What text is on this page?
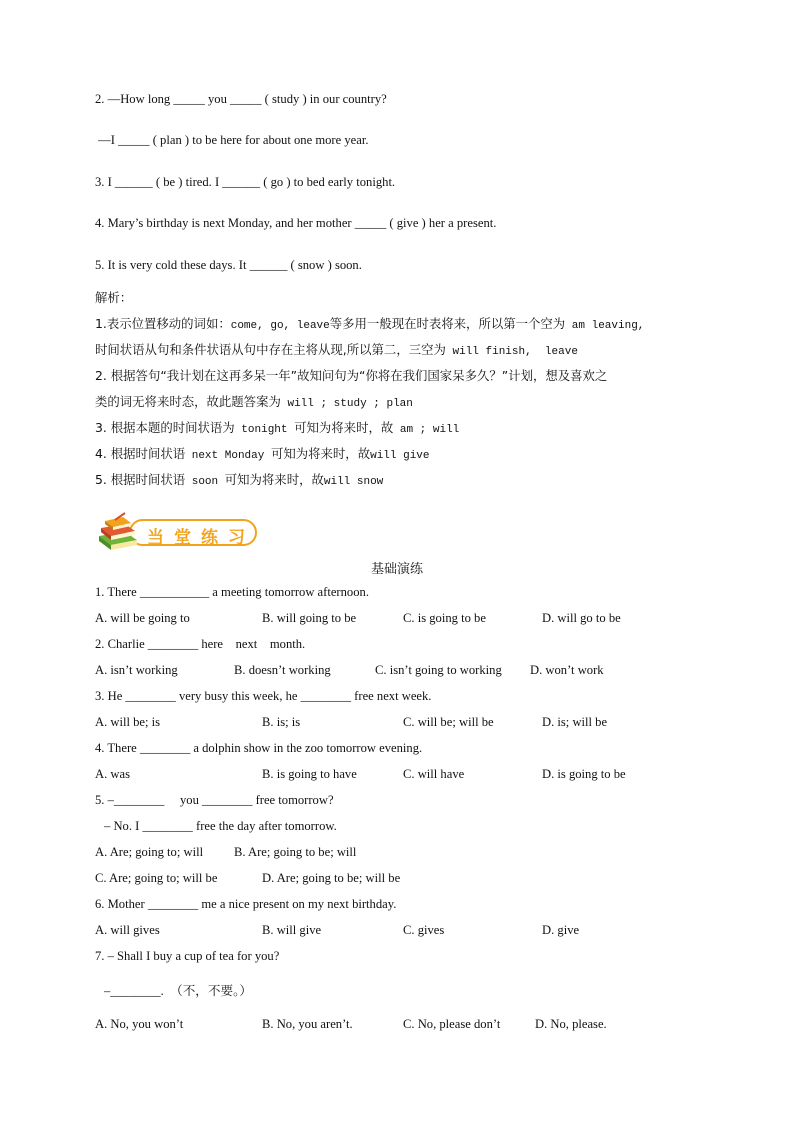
2. —How long _____ you _____ ( study ) in our country?
—I _____ ( plan ) to be here for about one more year.
3. I ______ ( be ) tired. I ______ ( go ) to bed early tonight.
4. Mary’s birthday is next Monday, and her mother _____ ( give ) her a present.
5. It is very cold these days. It ______ ( snow ) soon.
解析：
1.表示位置移动的词如：come, go, leave等多用一般现在时表将来，所以第一个空为 am leaving,
时间状语从句和条件状语从句中存在主将从现,所以第二，三空为 will finish,  leave
2. 根据答句“我计划在这再多呆一年”故知问句为“你将在我们国家呆多久？”计划，想及喜欢之
类的词无将来时态，故此题答案为 will ; study ; plan
3. 根据本题的时间状语为 tonight 可知为将来时，故 am ; will
4. 根据时间状语 next Monday 可知为将来时，故will give
5. 根据时间状语 soon 可知为将来时，故will snow
当堂练习
基础演练
1. There ___________ a meeting tomorrow afternoon.
A. will be going to	B. will going to be	C. is going to be	D. will go to be
2. Charlie ________ here    next    month.
A. isn’t working	B. doesn’t working	C. isn’t going to working D. won’t work
3. He ________ very busy this week, he ________ free next week.
A. will be; is	B. is; is	C. will be; will be	D. is; will be
4. There ________ a dolphin show in the zoo tomorrow evening.
A. was	B. is going to have	C. will have	D. is going to be
5. –________     you ________ free tomorrow?
– No. I ________ free the day after tomorrow.
A. Are; going to; will B. Are; going to be; will
C. Are; going to; will be	D. Are; going to be; will be
6. Mother ________ me a nice present on my next birthday.
A. will gives	B. will give	C. gives	D. give
7. – Shall I buy a cup of tea for you?
–________.  （不，不要。）
A. No, you won’t	B. No, you aren’t.	C. No, please don’t	D. No, please.
